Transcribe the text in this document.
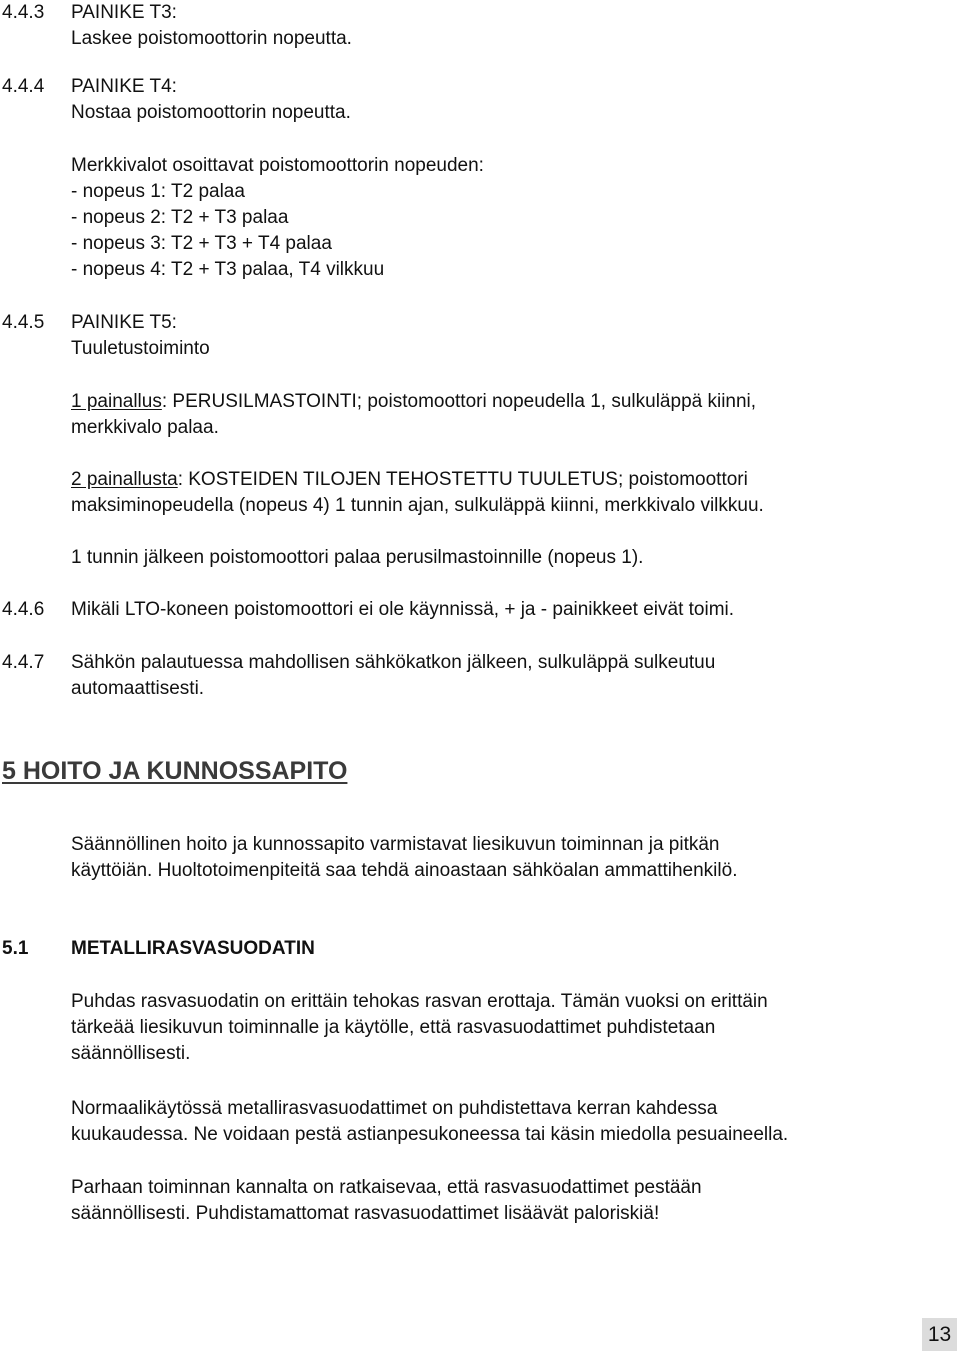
4.4.3 PAINIKE T3:
Laskee poistomoottorin nopeutta.
4.4.4 PAINIKE T4:
Nostaa poistomoottorin nopeutta.
Merkkivalot osoittavat poistomoottorin nopeuden:
- nopeus 1: T2 palaa
- nopeus 2: T2 + T3 palaa
- nopeus 3: T2 + T3 + T4 palaa
- nopeus 4: T2 + T3 palaa, T4 vilkkuu
4.4.5 PAINIKE T5:
Tuuletustoiminto
1 painallus: PERUSILMASTOINTI; poistomoottori nopeudella 1, sulkuläppä kiinni,
merkkivalo palaa.
2 painallusta: KOSTEIDEN TILOJEN TEHOSTETTU TUULETUS; poistomoottori
maksiminopeudella (nopeus 4) 1 tunnin ajan, sulkuläppä kiinni, merkkivalo vilkkuu.
1 tunnin jälkeen poistomoottori palaa perusilmastoinnille (nopeus 1).
4.4.6 Mikäli LTO-koneen poistomoottori ei ole käynnissä, + ja - painikkeet eivät toimi.
4.4.7 Sähkön palautuessa mahdollisen sähkökatkon jälkeen, sulkuläppä sulkeutuu
automaattisesti.
5 HOITO JA KUNNOSSAPITO
Säännöllinen hoito ja kunnossapito varmistavat liesikuvun toiminnan ja pitkän
käyttöiän. Huoltotoimenpiteitä saa tehdä ainoastaan sähköalan ammattihenkilö.
5.1 METALLIRASVASUODATIN
Puhdas rasvasuodatin on erittäin tehokas rasvan erottaja. Tämän vuoksi on erittäin
tärkeää liesikuvun toiminnalle ja käytölle, että rasvasuodattimet puhdistetaan
säännöllisesti.
Normaalikäytössä metallirasvasuodattimet on puhdistettava kerran kahdessa
kuukaudessa. Ne voidaan pestä astianpesukoneessa tai käsin miedolla pesuaineella.
Parhaan toiminnan kannalta on ratkaisevaa, että rasvasuodattimet pestään
säännöllisesti. Puhdistamattomat rasvasuodattimet lisäävät paloriskiä!
13
